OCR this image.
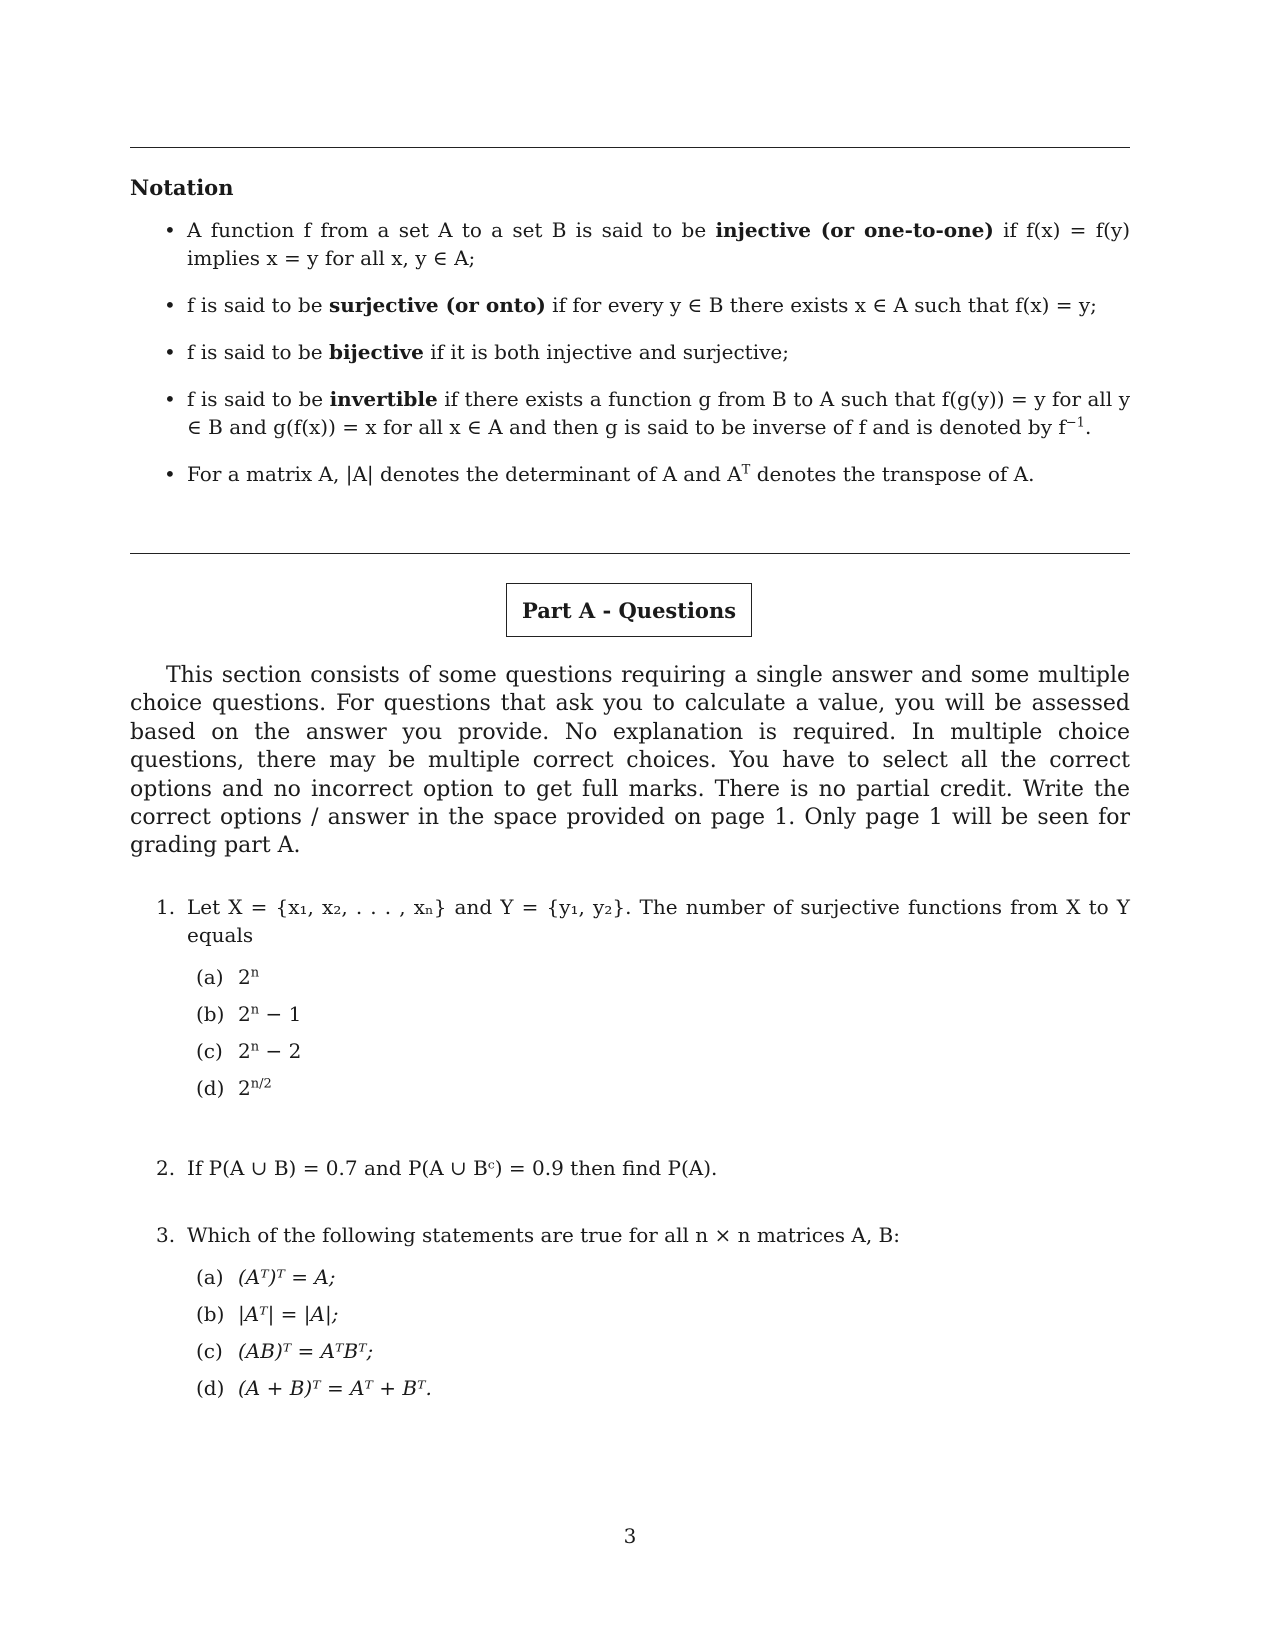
Notation
• A function f from a set A to a set B is said to be injective (or one-to-one) if f(x) = f(y) implies x = y for all x, y ∈ A;
• f is said to be surjective (or onto) if for every y ∈ B there exists x ∈ A such that f(x) = y;
• f is said to be bijective if it is both injective and surjective;
• f is said to be invertible if there exists a function g from B to A such that f(g(y)) = y for all y ∈ B and g(f(x)) = x for all x ∈ A and then g is said to be inverse of f and is denoted by $f^{-1}$.
• For a matrix A, |A| denotes the determinant of A and $A^T$ denotes the transpose of A.
Part A - Questions

This section consists of some questions requiring a single answer and some multiple choice questions. For questions that ask you to calculate a value, you will be assessed based on the answer you provide. No explanation is required. In multiple choice questions, there may be multiple correct choices. You have to select all the correct options and no incorrect option to get full marks. There is no partial credit. Write the correct options / answer in the space provided on page 1. Only page 1 will be seen for grading part A.

1. Let X = {x₁, x₂, . . . , xₙ} and Y = {y₁, y₂}. The number of surjective functions from X to Y equals
(a) 2$^n$
(b) $2^n - 1$
(c) $2^n - 2$
(d) $2^{n/2}$
2. If P(A ∪ B) = 0.7 and P(A ∪ Bᶜ) = 0.9 then find P(A).
3. Which of the following statements are true for all n × n matrices A, B:
(a) (Aᵀ)ᵀ = A;
(b) |Aᵀ| = |A|;
(c) (AB)ᵀ = AᵀBᵀ;
(d) (A + B)ᵀ = Aᵀ + Bᵀ.
3
